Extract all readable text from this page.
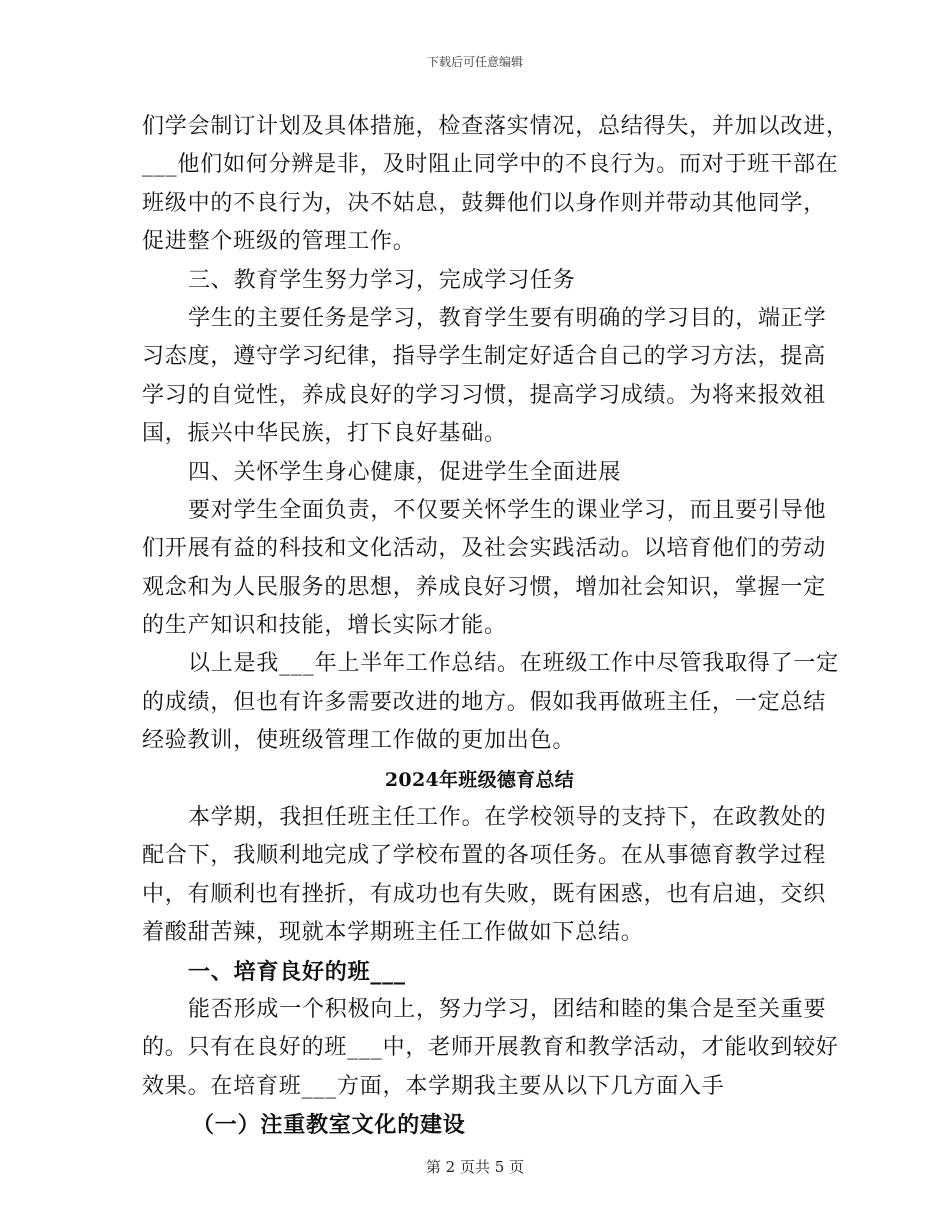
下载后可任意编辑
们学会制订计划及具体措施，检查落实情况，总结得失，并加以改进，
___他们如何分辨是非，及时阻止同学中的不良行为。而对于班干部在
班级中的不良行为，决不姑息，鼓舞他们以身作则并带动其他同学，
促进整个班级的管理工作。
三、教育学生努力学习，完成学习任务
学生的主要任务是学习，教育学生要有明确的学习目的，端正学
习态度，遵守学习纪律，指导学生制定好适合自己的学习方法，提高
学习的自觉性，养成良好的学习习惯，提高学习成绩。为将来报效祖
国，振兴中华民族，打下良好基础。
四、关怀学生身心健康，促进学生全面进展
要对学生全面负责，不仅要关怀学生的课业学习，而且要引导他
们开展有益的科技和文化活动，及社会实践活动。以培育他们的劳动
观念和为人民服务的思想，养成良好习惯，增加社会知识，掌握一定
的生产知识和技能，增长实际才能。
以上是我___年上半年工作总结。在班级工作中尽管我取得了一定
的成绩，但也有许多需要改进的地方。假如我再做班主任，一定总结
经验教训，使班级管理工作做的更加出色。
2024年班级德育总结
本学期，我担任班主任工作。在学校领导的支持下，在政教处的
配合下，我顺利地完成了学校布置的各项任务。在从事德育教学过程
中，有顺利也有挫折，有成功也有失败，既有困惑，也有启迪，交织
着酸甜苦辣，现就本学期班主任工作做如下总结。
一、培育良好的班___
能否形成一个积极向上，努力学习，团结和睦的集合是至关重要
的。只有在良好的班___中，老师开展教育和教学活动，才能收到较好
效果。在培育班___方面，本学期我主要从以下几方面入手
（一）注重教室文化的建设
第 2 页共 5 页
